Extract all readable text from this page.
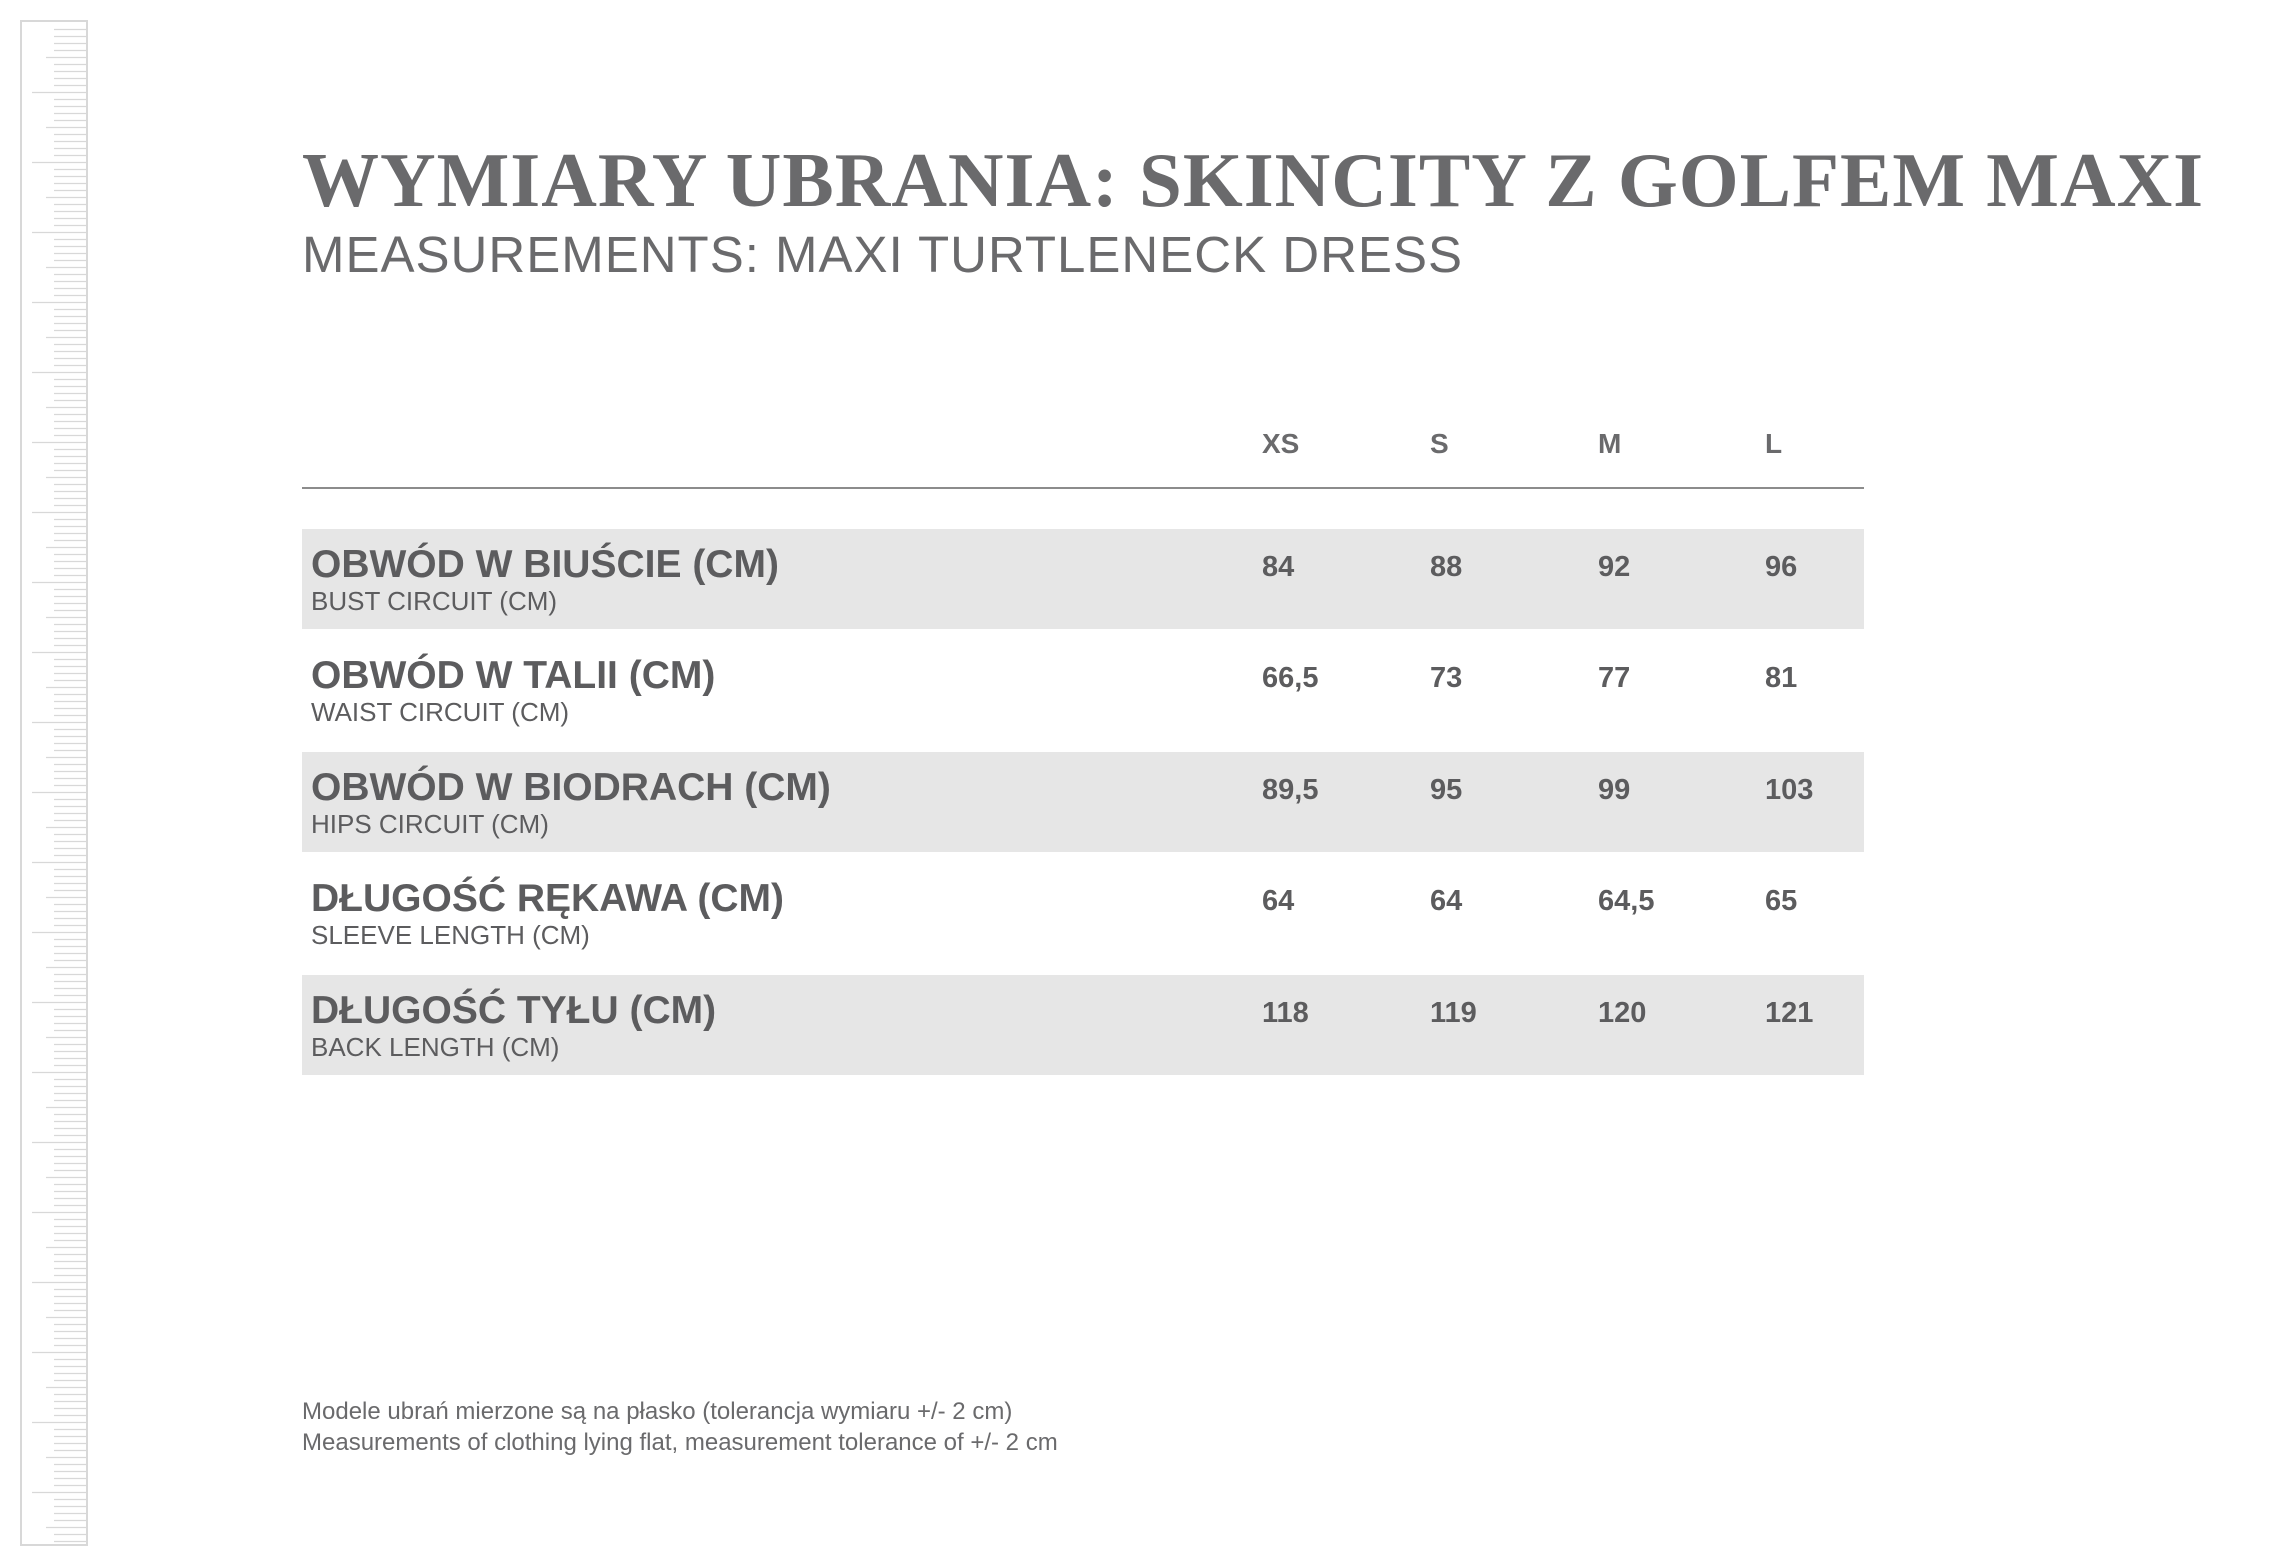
WYMIARY UBRANIA: SKINCITY Z GOLFEM MAXI
MEASUREMENTS: MAXI TURTLENECK DRESS
XS	S	M	L
OBWÓD W BIUŚCIE (CM)
BUST CIRCUIT (CM)
84	88	92	96
OBWÓD W TALII (CM)
WAIST CIRCUIT (CM)
66,5	73	77	81
OBWÓD W BIODRACH (CM)
HIPS CIRCUIT (CM)
89,5	95	99	103
DŁUGOŚĆ RĘKAWA (CM)
SLEEVE LENGTH (CM)
64	64	64,5	65
DŁUGOŚĆ TYŁU (CM)
BACK LENGTH (CM)
118	119	120	121
Modele ubrań mierzone są na płasko (tolerancja wymiaru +/- 2 cm)
Measurements of clothing lying flat, measurement tolerance of +/- 2 cm
